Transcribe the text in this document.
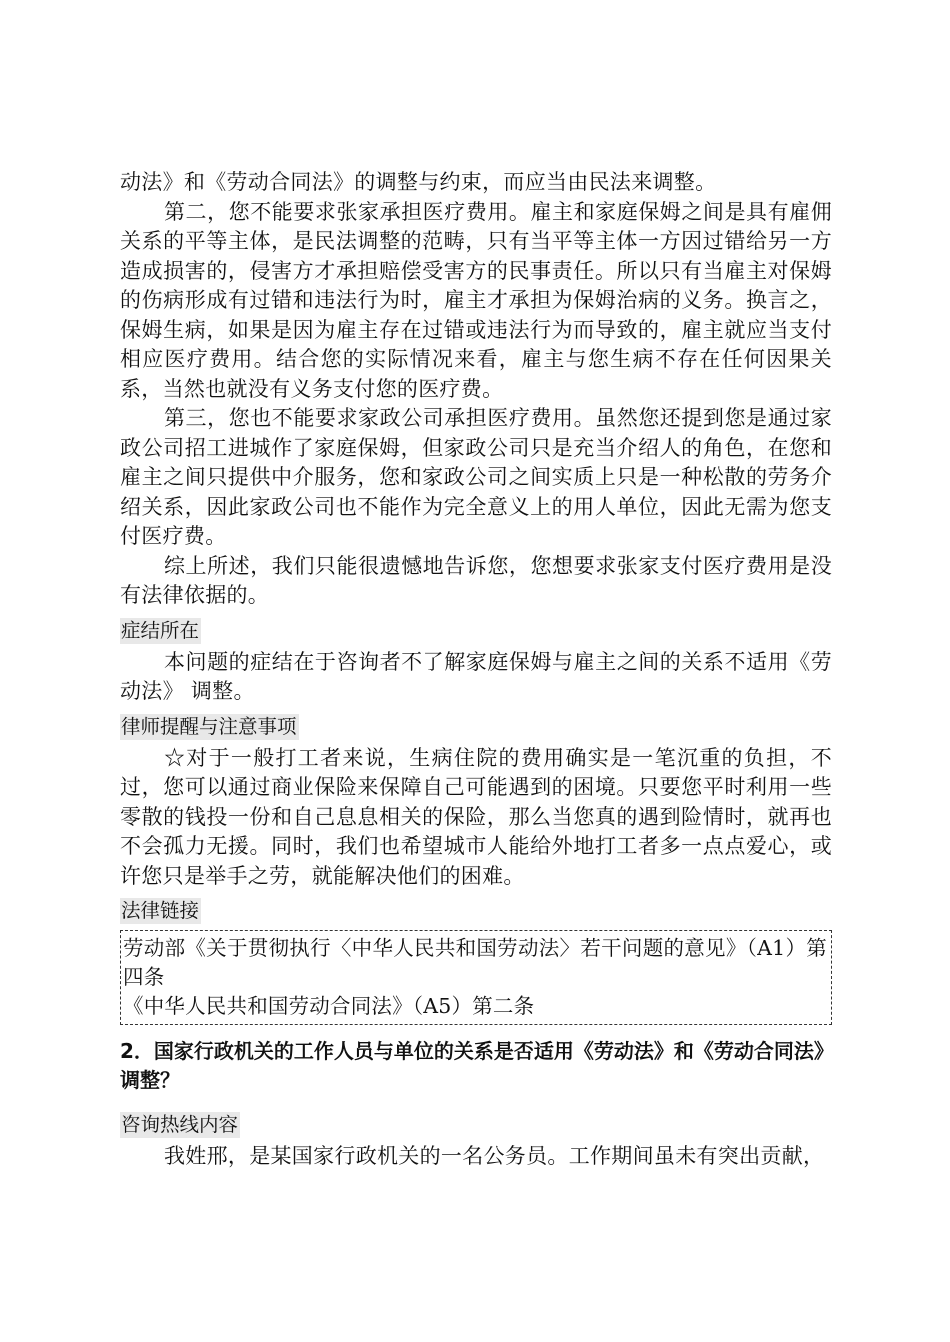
动法》和《劳动合同法》的调整与约束，而应当由民法来调整。

第二，您不能要求张家承担医疗费用。雇主和家庭保姆之间是具有雇佣关系的平等主体，是民法调整的范畴，只有当平等主体一方因过错给另一方造成损害的，侵害方才承担赔偿受害方的民事责任。所以只有当雇主对保姆的伤病形成有过错和违法行为时，雇主才承担为保姆治病的义务。换言之，保姆生病，如果是因为雇主存在过错或违法行为而导致的，雇主就应当支付相应医疗费用。结合您的实际情况来看，雇主与您生病不存在任何因果关系，当然也就没有义务支付您的医疗费。

第三，您也不能要求家政公司承担医疗费用。虽然您还提到您是通过家政公司招工进城作了家庭保姆，但家政公司只是充当介绍人的角色，在您和雇主之间只提供中介服务，您和家政公司之间实质上只是一种松散的劳务介绍关系，因此家政公司也不能作为完全意义上的用人单位，因此无需为您支付医疗费。

综上所述，我们只能很遗憾地告诉您，您想要求张家支付医疗费用是没有法律依据的。

症结所在

本问题的症结在于咨询者不了解家庭保姆与雇主之间的关系不适用《劳动法》 调整。

律师提醒与注意事项

☆对于一般打工者来说，生病住院的费用确实是一笔沉重的负担，不过，您可以通过商业保险来保障自己可能遇到的困境。只要您平时利用一些零散的钱投一份和自己息息相关的保险，那么当您真的遇到险情时，就再也不会孤力无援。同时，我们也希望城市人能给外地打工者多一点点爱心，或许您只是举手之劳，就能解决他们的困难。

法律链接

劳动部《关于贯彻执行〈中华人民共和国劳动法〉若干问题的意见》（A1）第四条

《中华人民共和国劳动合同法》（A5）第二条

2．国家行政机关的工作人员与单位的关系是否适用《劳动法》和《劳动合同法》调整？
咨询热线内容

我姓邢，是某国家行政机关的一名公务员。工作期间虽未有突出贡献，
